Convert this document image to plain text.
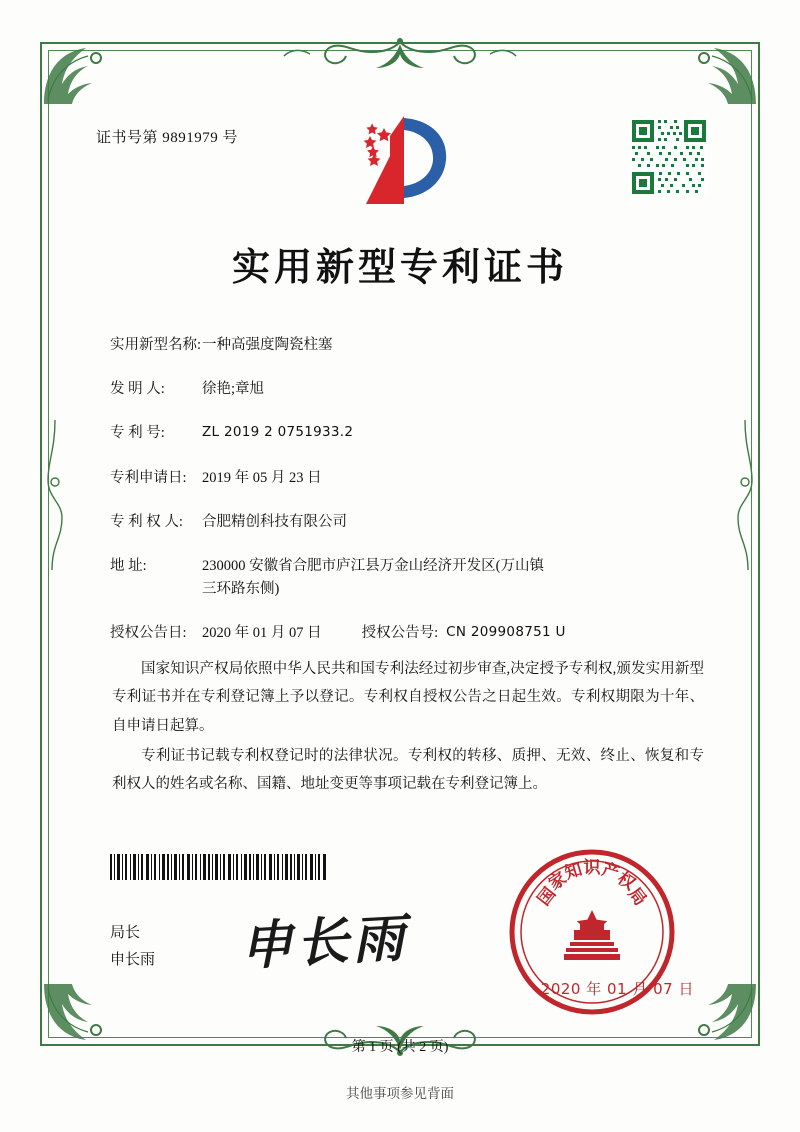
证书号第 9891979 号
实用新型专利证书
实用新型名称: 一种高强度陶瓷柱塞
发 明 人:	徐艳;章旭
专 利 号:	ZL 2019 2 0751933.2
专利申请日:	2019 年 05 月 23 日
专 利 权 人:	合肥精创科技有限公司
地 址:	230000 安徽省合肥市庐江县万金山经济开发区(万山镇
三环路东侧)
授权公告日:	2020 年 01 月 07 日	授权公告号: CN 209908751 U

国家知识产权局依照中华人民共和国专利法经过初步审查,决定授予专利权,颁发实用新型专利证书并在专利登记簿上予以登记。专利权自授权公告之日起生效。专利权期限为十年、自申请日起算。

专利证书记载专利权登记时的法律状况。专利权的转移、质押、无效、终止、恢复和专利权人的姓名或名称、国籍、地址变更等事项记载在专利登记簿上。

局长
申长雨 申长雨
国
家
知
识
产
权
局
2020 年 01 月 07 日
第 1 页 (共 2 页)
其他事项参见背面
